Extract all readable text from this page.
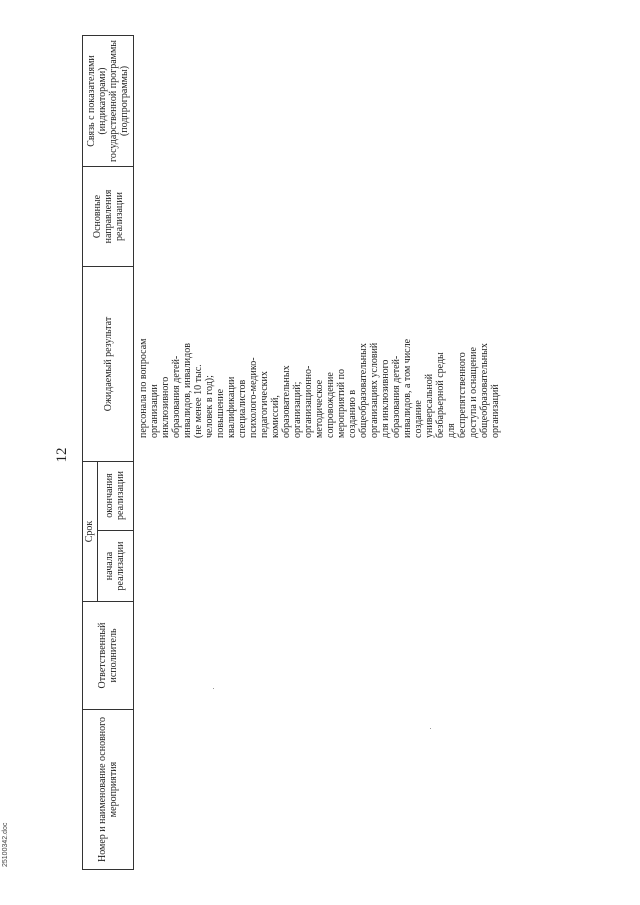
12
Номер и наименование основного мероприятия
Ответственный исполнитель
Срок
начала реализации
окончания реализации
Ожидаемый результат
Основные направления реализации
Связь с показателями (индикаторами) государственной программы (подпрограммы)
персонала по вопросам организации инклюзивного образования детей- инвалидов, инвалидов (не менее 10 тыс. человек в год); повышение квалификации специалистов психолого-медико- педагогических комиссий, образовательных организаций; организационно- методическое сопровождение мероприятий по созданию в общеобразовательных организациях условий для инклюзивного образования детей- инвалидов, а том числе создание универсальной безбарьерной среды для беспрепятственного доступа и оснащение общеобразовательных организаций
25100342.doc
